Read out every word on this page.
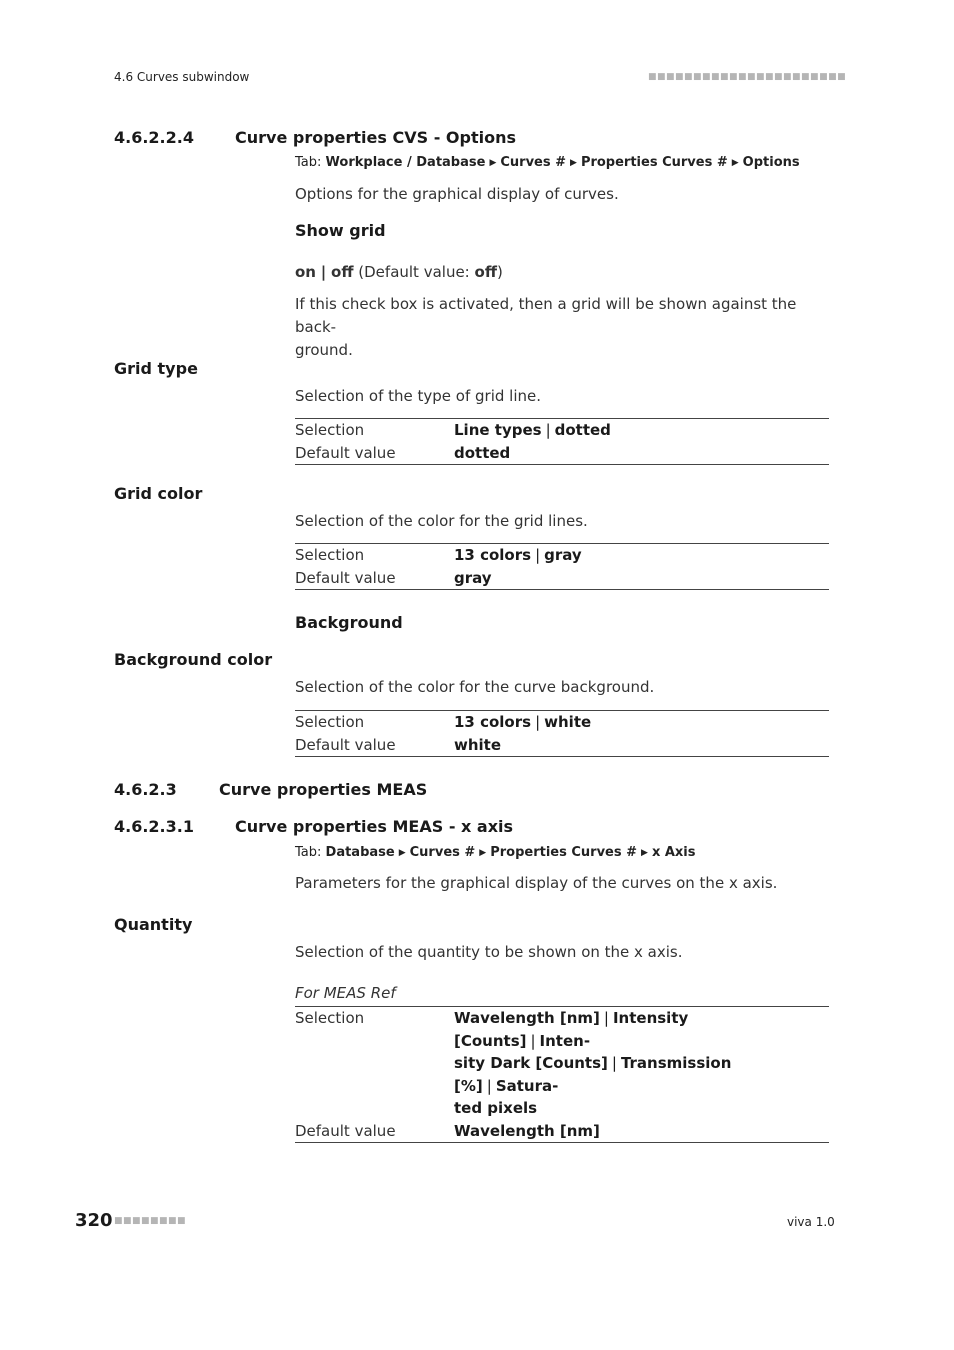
4.6 Curves subwindow	■■■■■■■■■■■■■■■■■■■■■■
4.6.2.2.4	Curve properties CVS - Options
Tab: Workplace / Database ▶ Curves # ▶ Properties Curves # ▶ Options
Options for the graphical display of curves.
Show grid
on | off (Default value: off)
If this check box is activated, then a grid will be shown against the back-
ground.
Grid type
Selection of the type of grid line.
Selection	Line types | dotted
Default value	dotted
Grid color
Selection of the color for the grid lines.
Selection	13 colors | gray
Default value	gray
Background
Background color
Selection of the color for the curve background.
Selection	13 colors | white
Default value	white
4.6.2.3	Curve properties MEAS
4.6.2.3.1	Curve properties MEAS - x axis
Tab: Database ▶ Curves # ▶ Properties Curves # ▶ x Axis
Parameters for the graphical display of the curves on the x axis.
Quantity
Selection of the quantity to be shown on the x axis.
For MEAS Ref
Selection	Wavelength [nm] | Intensity [Counts] | Inten-
sity Dark [Counts] | Transmission [%] | Satura-
ted pixels
Default value	Wavelength [nm]
320 ■■■■■■■■	viva 1.0
